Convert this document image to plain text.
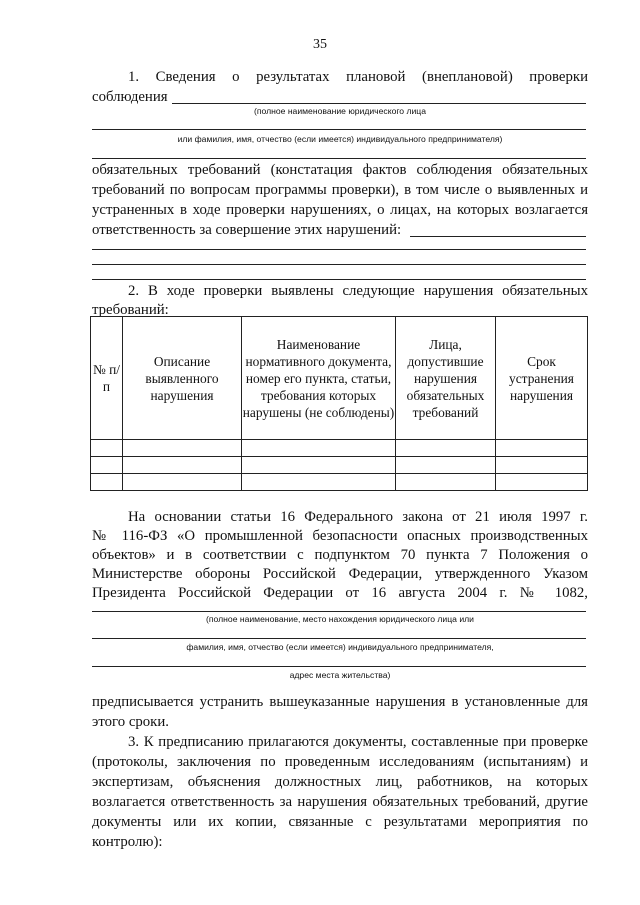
35
1. Сведения о результатах плановой (внеплановой) проверки
соблюдения
(полное наименование юридического лица
или фамилия, имя, отчество (если имеется) индивидуального предпринимателя)
обязательных требований (констатация фактов соблюдения обязательных
требований по вопросам программы проверки), в том числе о выявленных и
устраненных в ходе проверки нарушениях, о лицах, на которых возлагается
ответственность за совершение этих нарушений:
2. В ходе проверки выявлены следующие нарушения обязательных
требований:
№ п/п	Описание выявленного нарушения	Наименование нормативного документа, номер его пункта, статьи, требования которых нарушены (не соблюдены)	Лица, допустившие нарушения обязательных требований	Срок устранения нарушения

На основании статьи 16 Федерального закона от 21 июля 1997 г.
№ 116-ФЗ «О промышленной безопасности опасных производственных
объектов» и в соответствии с подпунктом 70 пункта 7 Положения о
Министерстве обороны Российской Федерации, утвержденного Указом
Президента Российской Федерации от 16 августа 2004 г. № 1082,
(полное наименование, место нахождения юридического лица или
фамилия, имя, отчество (если имеется) индивидуального предпринимателя,
адрес места жительства)
предписывается устранить вышеуказанные нарушения в установленные для
этого сроки.
3. К предписанию прилагаются документы, составленные при проверке
(протоколы, заключения по проведенным исследованиям (испытаниям) и
экспертизам, объяснения должностных лиц, работников, на которых
возлагается ответственность за нарушения обязательных требований, другие
документы или их копии, связанные с результатами мероприятия по
контролю):
